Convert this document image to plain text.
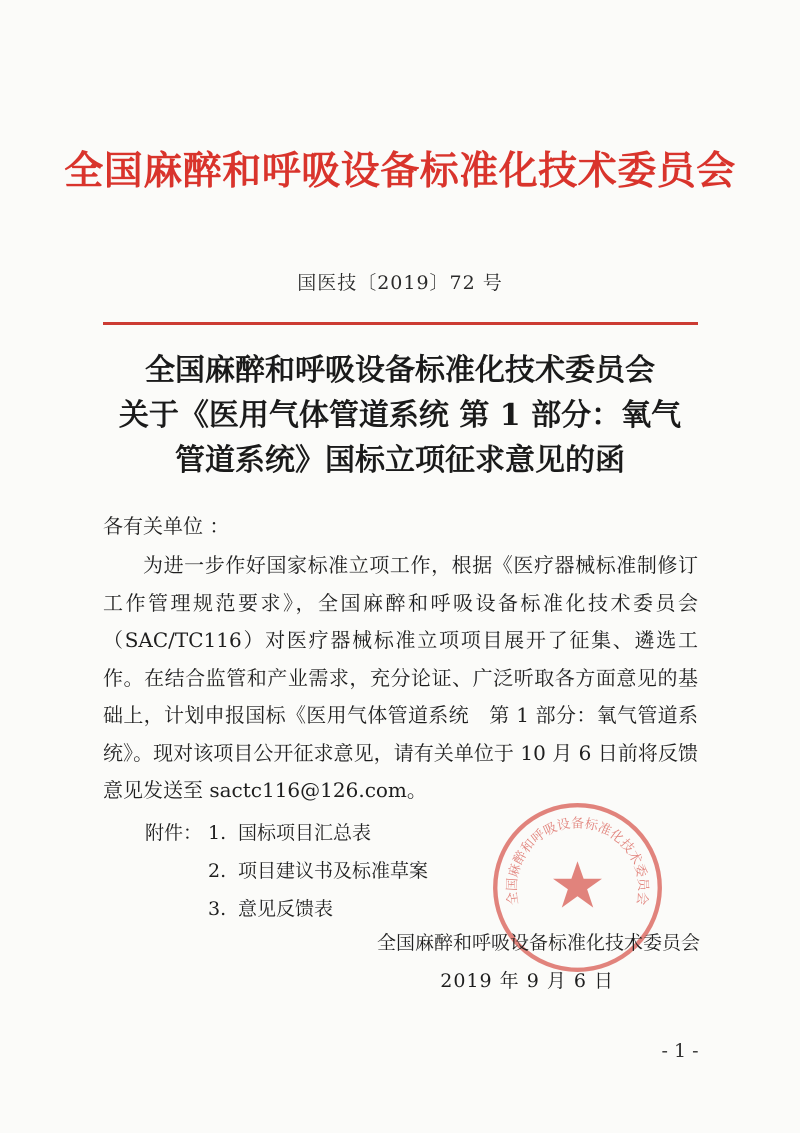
全国麻醉和呼吸设备标准化技术委员会
国医技〔2019〕72 号
全国麻醉和呼吸设备标准化技术委员会
关于《医用气体管道系统 第 1 部分：氧气
管道系统》国标立项征求意见的函
各有关单位 ：
为进一步作好国家标准立项工作，根据《医疗器械标准制修订工作管理规范要求》，全国麻醉和呼吸设备标准化技术委员会（SAC/TC116）对医疗器械标准立项项目展开了征集、遴选工作。在结合监管和产业需求，充分论证、广泛听取各方面意见的基础上，计划申报国标《医用气体管道系统　第 1 部分：氧气管道系统》。现对该项目公开征求意见，请有关单位于 10 月 6 日前将反馈意见发送至 sactc116@126.com。
附件： 1. 国标项目汇总表
2. 项目建议书及标准草案
3. 意见反馈表	全国麻醉和呼吸设备标准化技术委员会
全国麻醉和呼吸设备标准化技术委员会
2019 年 9 月 6 日
- 1 -
